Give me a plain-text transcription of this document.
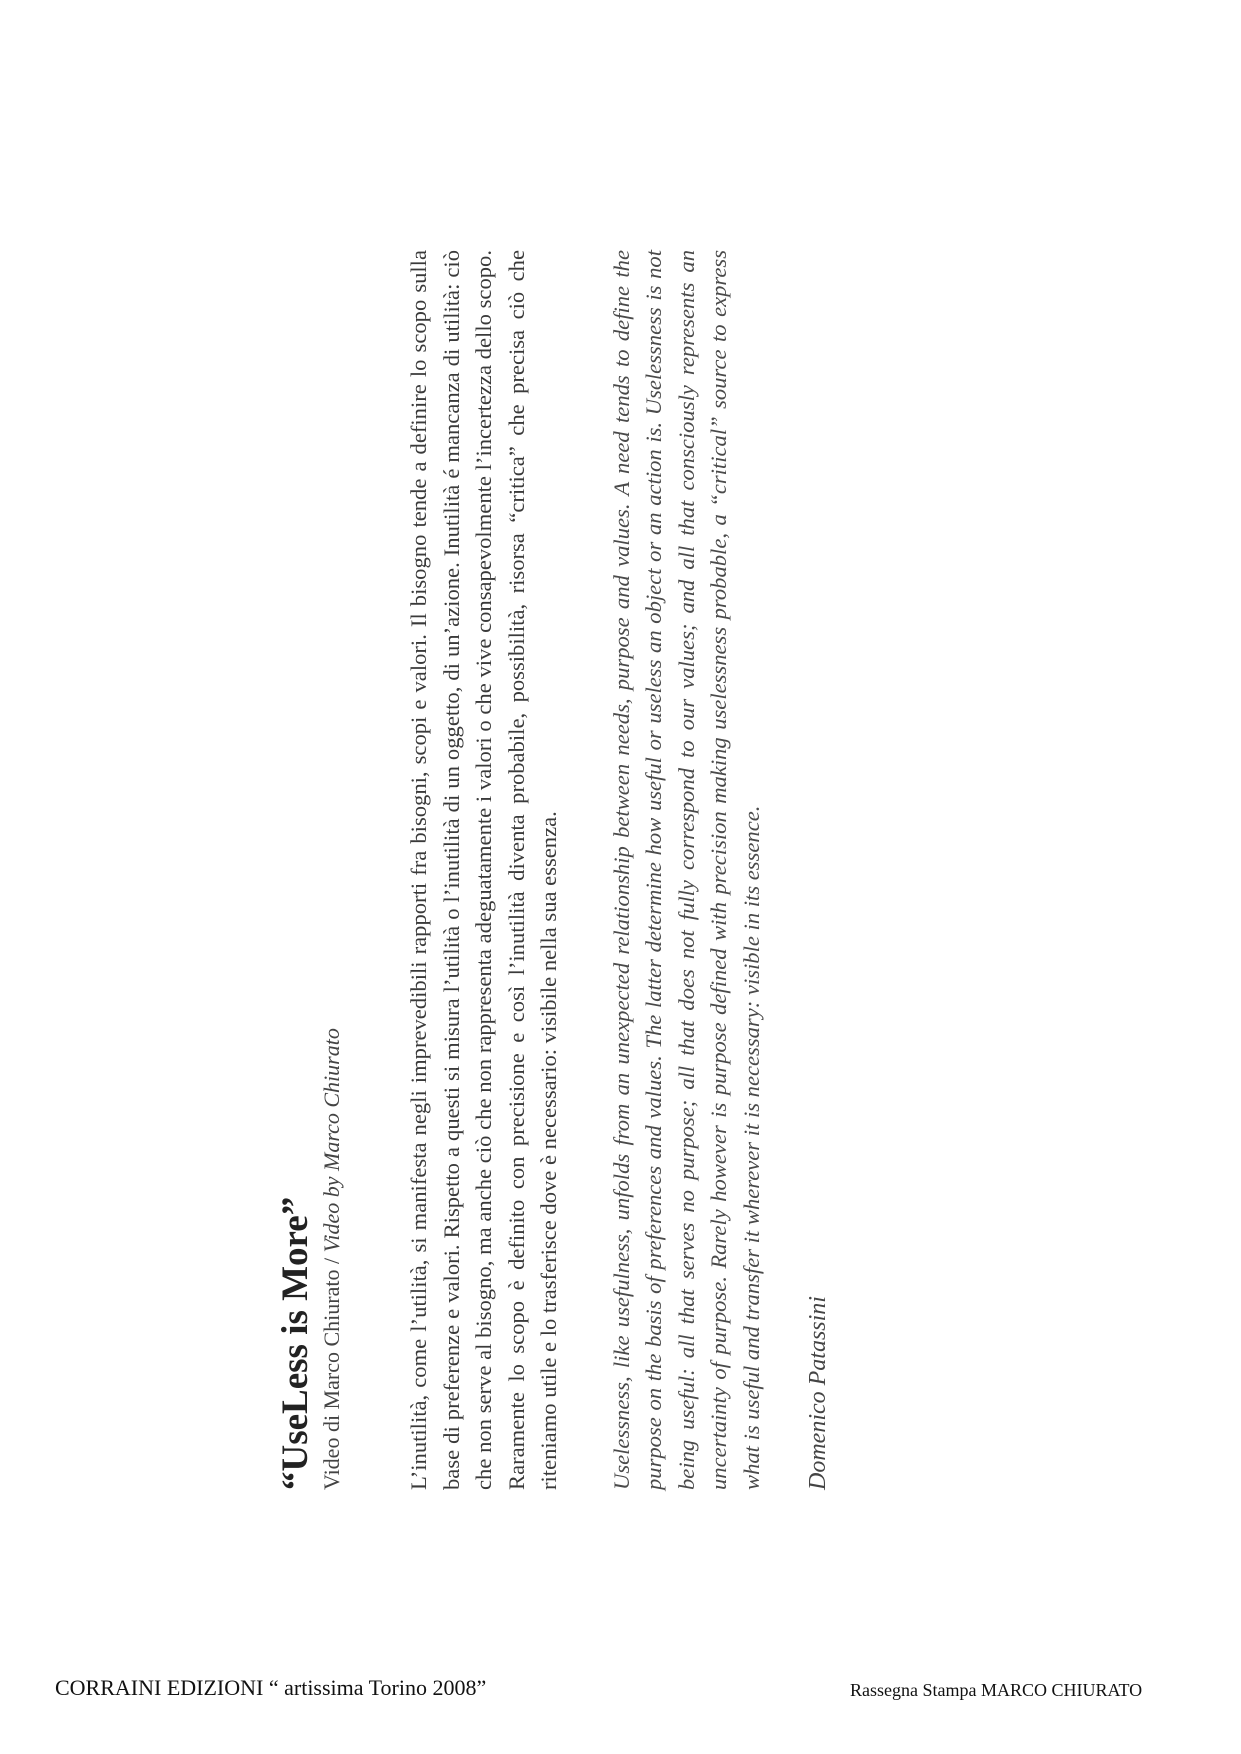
“UseLess is More” Video di Marco Chiurato / Video by Marco Chiurato	L’inutilità, come l’utilità, si manifesta negli imprevedibili rapporti fra bisogni, scopi e valori. Il bisogno tende a definire lo scopo sulla base di preferenze e valori. Rispetto a questi si misura l’utilità o l’inutilità di un oggetto, di un’azione. Inutilità é mancanza di utilità: ciò che non serve al bisogno, ma anche ciò che non rappresenta adeguatamente i valori o che vive consapevolmente l’incertezza dello scopo. Raramente lo scopo è definito con precisione e così l’inutilità diventa probabile, possibilità, risorsa “critica” che precisa ciò che riteniamo utile e lo trasferisce dove è necessario: visibile nella sua essenza. Uselessness, like usefulness, unfolds from an unexpected relationship between needs, purpose and values. A need tends to define the purpose on the basis of preferences and values. The latter determine how useful or useless an object or an action is. Uselessness is not being useful: all that serves no purpose; all that does not fully correspond to our values; and all that consciously represents an uncertainty of purpose. Rarely however is purpose defined with precision making uselessness probable, a “critical” source to express what is useful and transfer it wherever it is necessary: visible in its essence. Domenico Patassini

CORRAINI EDIZIONI “ artissima Torino 2008”	Rassegna Stampa MARCO CHIURATO
